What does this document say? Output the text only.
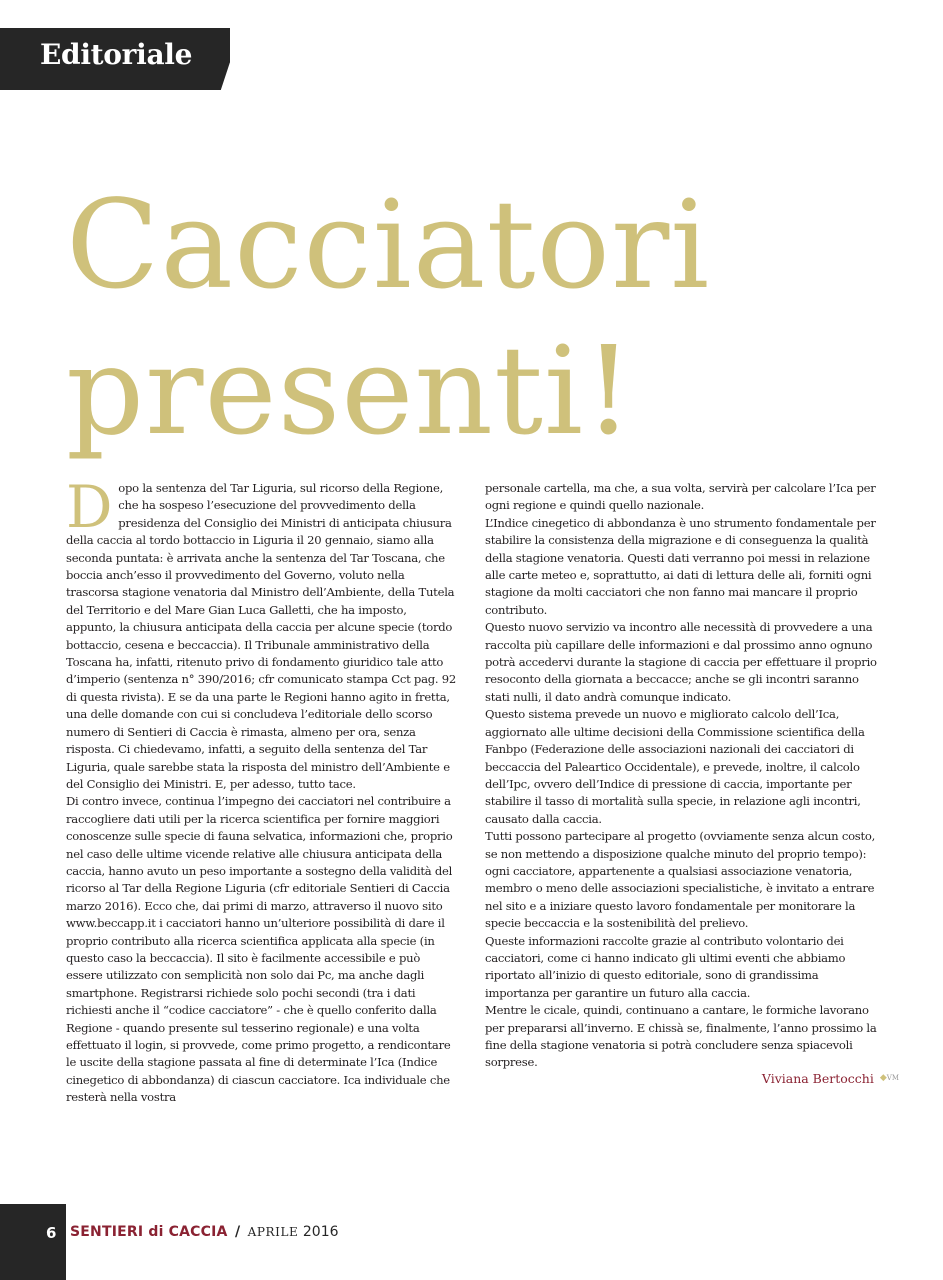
Editoriale
Cacciatori
presenti!

Dopo la sentenza del Tar Liguria, sul ricorso della Regione, che ha sospeso l’esecuzione del provvedimento della presidenza del Consiglio dei Ministri di anticipata chiusura della caccia al tordo bottaccio in Liguria il 20 gennaio, siamo alla seconda puntata: è arrivata anche la sentenza del Tar Toscana, che boccia anch’esso il provvedimento del Governo, voluto nella trascorsa stagione venatoria dal Ministro dell’Ambiente, della Tutela del Territorio e del Mare Gian Luca Galletti, che ha imposto, appunto, la chiusura anticipata della caccia per alcune specie (tordo bottaccio, cesena e beccaccia). Il Tribunale amministrativo della Toscana ha, infatti, ritenuto privo di fondamento giuridico tale atto d’imperio (sentenza n° 390/2016; cfr comunicato stampa Cct pag. 92 di questa rivista). E se da una parte le Regioni hanno agito in fretta, una delle domande con cui si concludeva l’editoriale dello scorso numero di Sentieri di Caccia è rimasta, almeno per ora, senza risposta. Ci chiedevamo, infatti, a seguito della sentenza del Tar Liguria, quale sarebbe stata la risposta del ministro dell’Ambiente e del Consiglio dei Ministri. E, per adesso, tutto tace.

Di contro invece, continua l’impegno dei cacciatori nel contribuire a raccogliere dati utili per la ricerca scientifica per fornire maggiori conoscenze sulle specie di fauna selvatica, informazioni che, proprio nel caso delle ultime vicende relative alle chiusura anticipata della caccia, hanno avuto un peso importante a sostegno della validità del ricorso al Tar della Regione Liguria (cfr editoriale Sentieri di Caccia marzo 2016). Ecco che, dai primi di marzo, attraverso il nuovo sito www.beccapp.it i cacciatori hanno un’ulteriore possibilità di dare il proprio contributo alla ricerca scientifica applicata alla specie (in questo caso la beccaccia). Il sito è facilmente accessibile e può essere utilizzato con semplicità non solo dai Pc, ma anche dagli smartphone. Registrarsi richiede solo pochi secondi (tra i dati richiesti anche il “codice cacciatore” - che è quello conferito dalla Regione - quando presente sul tesserino regionale) e una volta effettuato il login, si provvede, come primo progetto, a rendicontare le uscite della stagione passata al fine di determinate l’Ica (Indice cinegetico di abbondanza) di ciascun cacciatore. Ica individuale che resterà nella vostra

personale cartella, ma che, a sua volta, servirà per calcolare l’Ica per ogni regione e quindi quello nazionale.

L’Indice cinegetico di abbondanza è uno strumento fondamentale per stabilire la consistenza della migrazione e di conseguenza la qualità della stagione venatoria. Questi dati verranno poi messi in relazione alle carte meteo e, soprattutto, ai dati di lettura delle ali, forniti ogni stagione da molti cacciatori che non fanno mai mancare il proprio contributo.

Questo nuovo servizio va incontro alle necessità di provvedere a una raccolta più capillare delle informazioni e dal prossimo anno ognuno potrà accedervi durante la stagione di caccia per effettuare il proprio resoconto della giornata a beccacce; anche se gli incontri saranno stati nulli, il dato andrà comunque indicato.

Questo sistema prevede un nuovo e migliorato calcolo dell’Ica, aggiornato alle ultime decisioni della Commissione scientifica della Fanbpo (Federazione delle associazioni nazionali dei cacciatori di beccaccia del Paleartico Occidentale), e prevede, inoltre, il calcolo dell’Ipc, ovvero dell’Indice di pressione di caccia, importante per stabilire il tasso di mortalità sulla specie, in relazione agli incontri, causato dalla caccia.

Tutti possono partecipare al progetto (ovviamente senza alcun costo, se non mettendo a disposizione qualche minuto del proprio tempo): ogni cacciatore, appartenente a qualsiasi associazione venatoria, membro o meno delle associazioni specialistiche, è invitato a entrare nel sito e a iniziare questo lavoro fondamentale per monitorare la specie beccaccia e la sostenibilità del prelievo.

Queste informazioni raccolte grazie al contributo volontario dei cacciatori, come ci hanno indicato gli ultimi eventi che abbiamo riportato all’inizio di questo editoriale, sono di grandissima importanza per garantire un futuro alla caccia.

Mentre le cicale, quindi, continuano a cantare, le formiche lavorano per prepararsi all’inverno. E chissà se, finalmente, l’anno prossimo la fine della stagione venatoria si potrà concludere senza spiacevoli sorprese.

Viviana Bertocchi ◆VM
6 SENTIERI di CACCIA / APRILE 2016
